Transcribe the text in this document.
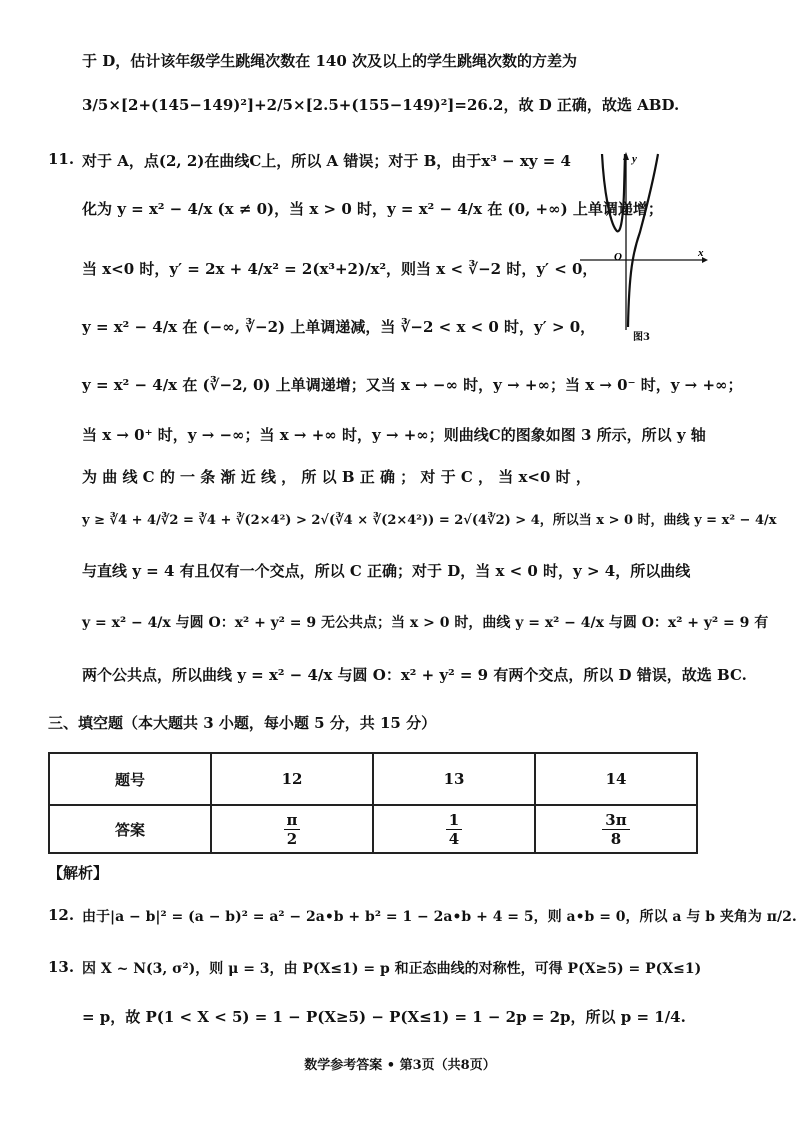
于 D，估计该年级学生跳绳次数在 140 次及以上的学生跳绳次数的方差为
3/5×[2+(145−149)²]+2/5×[2.5+(155−149)²]=26.2，故 D 正确，故选 ABD.
11. 对于 A，点(2, 2)在曲线C上，所以 A 错误；对于 B，由于x³ − xy = 4
化为 y = x² − 4/x (x ≠ 0)，当 x > 0 时，y = x² − 4/x 在 (0, +∞) 上单调递增；
当 x<0 时，y′ = 2x + 4/x² = 2(x³+2)/x²，则当 x < ∛−2 时，y′ < 0，
y = x² − 4/x 在 (−∞, ∛−2) 上单调递减，当 ∛−2 < x < 0 时，y′ > 0，
y = x² − 4/x 在 (∛−2, 0) 上单调递增；又当 x → −∞ 时，y → +∞；当 x → 0⁻ 时，y → +∞；
当 x → 0⁺ 时，y → −∞；当 x → +∞ 时，y → +∞；则曲线C的图象如图 3 所示，所以 y 轴
为 曲 线 C 的 一 条 渐 近 线 ， 所 以 B 正 确 ； 对 于 C ， 当 x<0 时 ，
y ≥ ∛4 + 4/∛2 = ∛4 + ∛(2×4²) > 2√(∛4 × ∛(2×4²)) = 2√(4∛2) > 4，所以当 x > 0 时，曲线 y = x² − 4/x
与直线 y = 4 有且仅有一个交点，所以 C 正确；对于 D，当 x < 0 时，y > 4，所以曲线
y = x² − 4/x 与圆 O：x² + y² = 9 无公共点；当 x > 0 时，曲线 y = x² − 4/x 与圆 O：x² + y² = 9 有
两个公共点，所以曲线 y = x² − 4/x 与圆 O：x² + y² = 9 有两个交点，所以 D 错误，故选 BC.
y
x
O
图3
三、填空题（本大题共 3 小题，每小题 5 分，共 15 分）
题号	12	13	14
答案	$\frac{\pi}{2}$	$\frac{1}{4}$	$\frac{3\pi}{8}$
【解析】
12. 由于|a − b|² = (a − b)² = a² − 2a•b + b² = 1 − 2a•b + 4 = 5，则 a•b = 0，所以 a 与 b 夹角为 π/2.
13. 因 X ~ N(3, σ²)，则 μ = 3，由 P(X≤1) = p 和正态曲线的对称性，可得 P(X≥5) = P(X≤1)
= p，故 P(1 < X < 5) = 1 − P(X≥5) − P(X≤1) = 1 − 2p = 2p，所以 p = 1/4.
数学参考答案 • 第3页（共8页）
